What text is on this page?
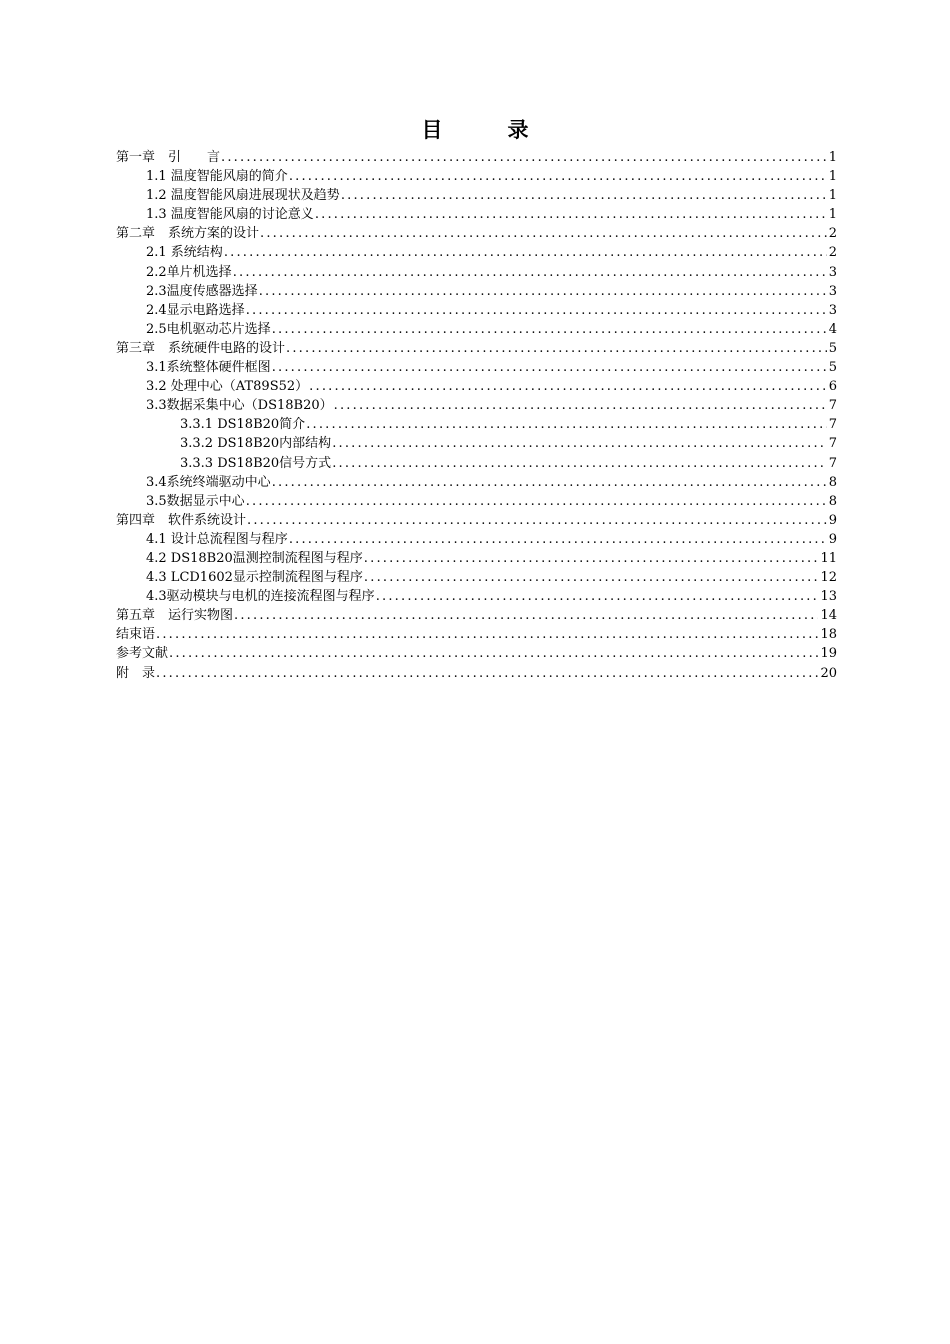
目　录
第一章　引　　言 .....	1
1.1 温度智能风扇的简介 .....	1
1.2 温度智能风扇进展现状及趋势 .....	1
1.3 温度智能风扇的讨论意义 .....	1
第二章　系统方案的设计 .....	2
2.1 系统结构 .....	2
2.2单片机选择 .....	3
2.3温度传感器选择 .....	3
2.4显示电路选择 .....	3
2.5电机驱动芯片选择 .....	4
第三章　系统硬件电路的设计 .....	5
3.1系统整体硬件框图 .....	5
3.2 处理中心（AT89S52） .....	6
3.3数据采集中心（DS18B20） .....	7
3.3.1 DS18B20简介 .....	7
3.3.2 DS18B20内部结构 .....	7
3.3.3 DS18B20信号方式 .....	7
3.4系统终端驱动中心 .....	8
3.5数据显示中心 .....	8
第四章　软件系统设计 .....	9
4.1 设计总流程图与程序 .....	9
4.2 DS18B20温测控制流程图与程序 .....	11
4.3 LCD1602显示控制流程图与程序 .....	12
4.3驱动模块与电机的连接流程图与程序 .....	13
第五章　运行实物图 .....	14
结束语 .....	18
参考文献 .....	19
附　录 .....	20
